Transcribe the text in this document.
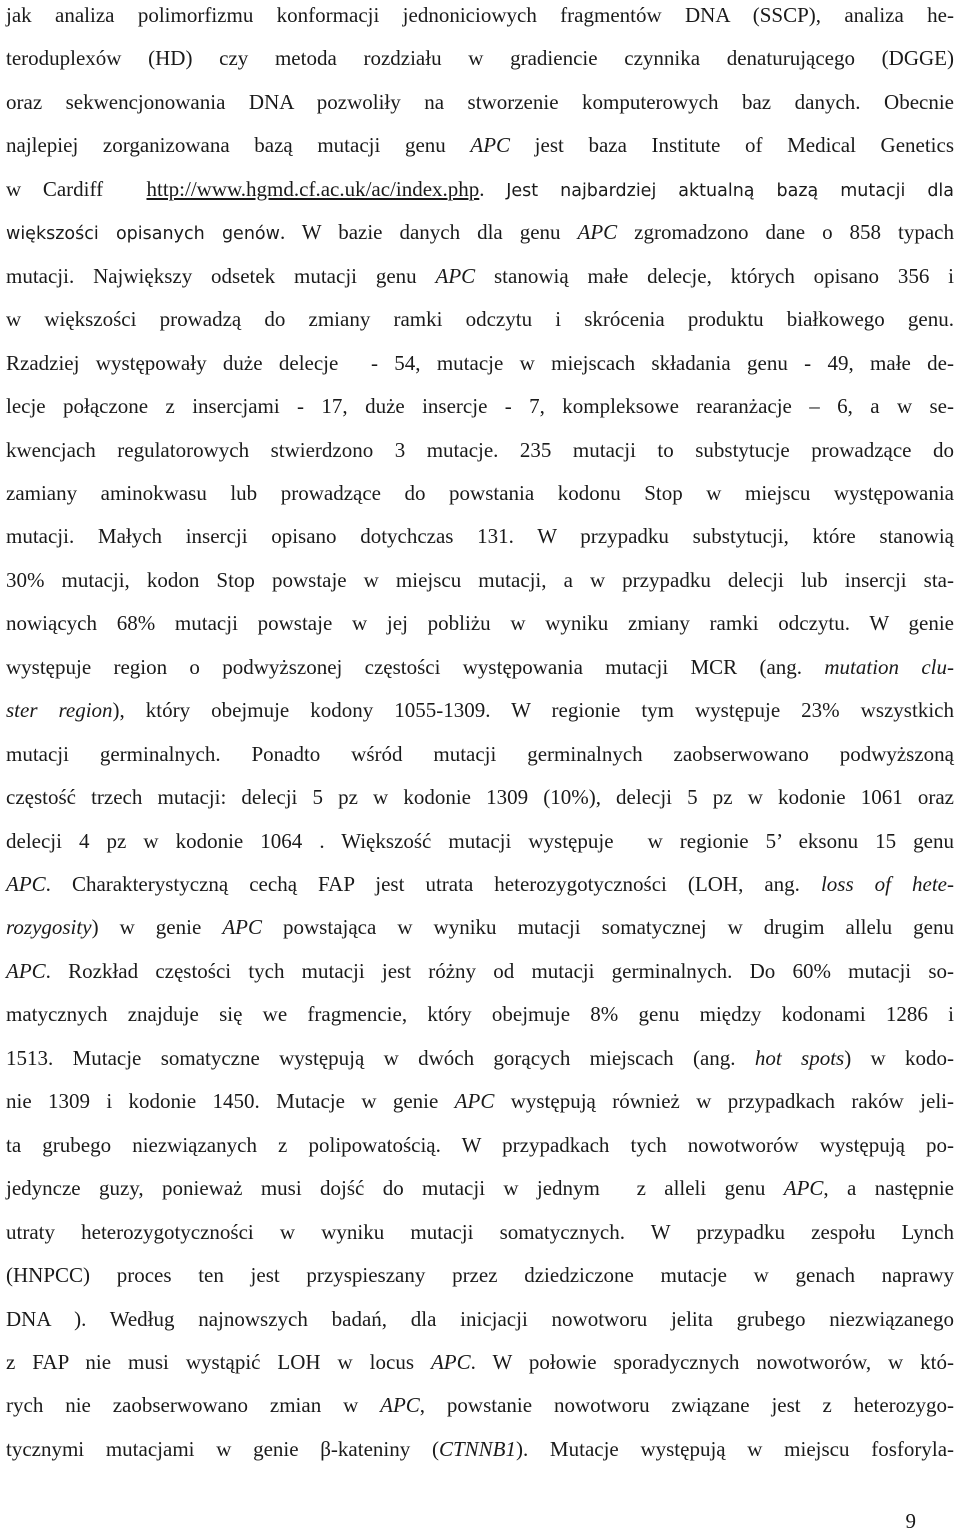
jak analiza polimorfizmu konformacji jednoniciowych fragmentów DNA (SSCP), analiza he-
teroduplexów (HD) czy metoda rozdziału w gradiencie czynnika denaturującego (DGGE)
oraz sekwencjonowania DNA pozwoliły na stworzenie komputerowych baz danych. Obecnie
najlepiej zorganizowana bazą mutacji genu APC jest baza Institute of Medical Genetics
w Cardiff  http://www.hgmd.cf.ac.uk/ac/index.php. Jest najbardziej aktualną bazą mutacji dla
większości opisanych genów. W bazie danych dla genu APC zgromadzono dane o 858 typach
mutacji. Największy odsetek mutacji genu APC stanowią małe delecje, których opisano 356 i
w większości prowadzą do zmiany ramki odczytu i skrócenia produktu białkowego genu.
Rzadziej występowały duże delecje  - 54, mutacje w miejscach składania genu - 49, małe de-
lecje połączone z insercjami - 17, duże insercje - 7, kompleksowe rearanżacje – 6, a w se-
kwencjach regulatorowych stwierdzono 3 mutacje. 235 mutacji to substytucje prowadzące do
zamiany aminokwasu lub prowadzące do powstania kodonu Stop w miejscu występowania
mutacji. Małych insercji opisano dotychczas 131. W przypadku substytucji, które stanowią
30% mutacji, kodon Stop powstaje w miejscu mutacji, a w przypadku delecji lub insercji sta-
nowiących 68% mutacji powstaje w jej pobliżu w wyniku zmiany ramki odczytu. W genie
występuje region o podwyższonej częstości występowania mutacji MCR (ang. mutation clu-
ster region), który obejmuje kodony 1055-1309. W regionie tym występuje 23% wszystkich
mutacji germinalnych. Ponadto wśród mutacji germinalnych zaobserwowano podwyższoną
częstość trzech mutacji: delecji 5 pz w kodonie 1309 (10%), delecji 5 pz w kodonie 1061 oraz
delecji 4 pz w kodonie 1064 . Większość mutacji występuje  w regionie 5’ eksonu 15 genu
APC. Charakterystyczną cechą FAP jest utrata heterozygotyczności (LOH, ang. loss of hete-
rozygosity) w genie APC powstająca w wyniku mutacji somatycznej w drugim allelu genu
APC. Rozkład częstości tych mutacji jest różny od mutacji germinalnych. Do 60% mutacji so-
matycznych znajduje się we fragmencie, który obejmuje 8% genu między kodonami 1286 i
1513. Mutacje somatyczne występują w dwóch gorących miejscach (ang. hot spots) w kodo-
nie 1309 i kodonie 1450. Mutacje w genie APC występują również w przypadkach raków jeli-
ta grubego niezwiązanych z polipowatością. W przypadkach tych nowotworów występują po-
jedyncze guzy, ponieważ musi dojść do mutacji w jednym  z alleli genu APC, a następnie
utraty heterozygotyczności w wyniku mutacji somatycznych. W przypadku zespołu Lynch
(HNPCC) proces ten jest przyspieszany przez dziedziczone mutacje w genach naprawy
DNA ). Według najnowszych badań, dla inicjacji nowotworu jelita grubego niezwiązanego
z FAP nie musi wystąpić LOH w locus APC. W połowie sporadycznych nowotworów, w któ-
rych nie zaobserwowano zmian w APC, powstanie nowotworu związane jest z heterozygo-
tycznymi mutacjami w genie β-kateniny (CTNNB1). Mutacje występują w miejscu fosforyla-
9
